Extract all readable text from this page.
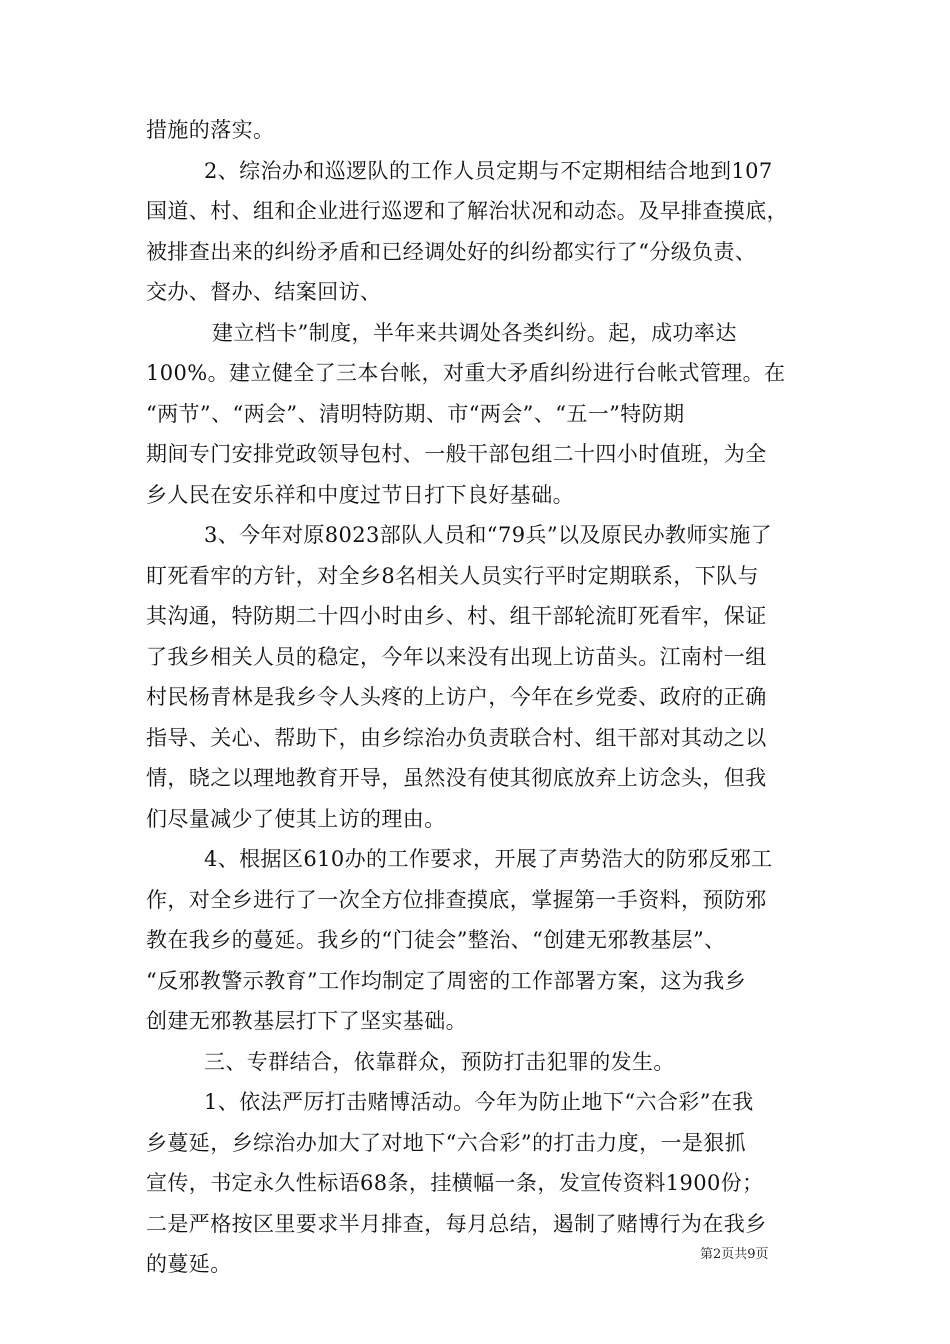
措施的落实。
2、综治办和巡逻队的工作人员定期与不定期相结合地到107
国道、村、组和企业进行巡逻和了解治状况和动态。及早排查摸底，
被排查出来的纠纷矛盾和已经调处好的纠纷都实行了“分级负责、
交办、督办、结案回访、
建立档卡”制度，半年来共调处各类纠纷。起，成功率达
100%。建立健全了三本台帐，对重大矛盾纠纷进行台帐式管理。在
“两节”、“两会”、清明特防期、市“两会”、“五一”特防期
期间专门安排党政领导包村、一般干部包组二十四小时值班，为全
乡人民在安乐祥和中度过节日打下良好基础。
3、今年对原8023部队人员和“79兵”以及原民办教师实施了
盯死看牢的方针，对全乡8名相关人员实行平时定期联系，下队与
其沟通，特防期二十四小时由乡、村、组干部轮流盯死看牢，保证
了我乡相关人员的稳定，今年以来没有出现上访苗头。江南村一组
村民杨青林是我乡令人头疼的上访户，今年在乡党委、政府的正确
指导、关心、帮助下，由乡综治办负责联合村、组干部对其动之以
情，晓之以理地教育开导，虽然没有使其彻底放弃上访念头，但我
们尽量减少了使其上访的理由。
4、根据区610办的工作要求，开展了声势浩大的防邪反邪工
作，对全乡进行了一次全方位排查摸底，掌握第一手资料，预防邪
教在我乡的蔓延。我乡的“门徒会”整治、“创建无邪教基层”、
“反邪教警示教育”工作均制定了周密的工作部署方案，这为我乡
创建无邪教基层打下了坚实基础。
三、专群结合，依靠群众，预防打击犯罪的发生。
1、依法严厉打击赌博活动。今年为防止地下“六合彩”在我
乡蔓延，乡综治办加大了对地下“六合彩”的打击力度，一是狠抓
宣传，书定永久性标语68条，挂横幅一条，发宣传资料1900份；
二是严格按区里要求半月排查，每月总结，遏制了赌博行为在我乡
的蔓延。	第2页共9页
